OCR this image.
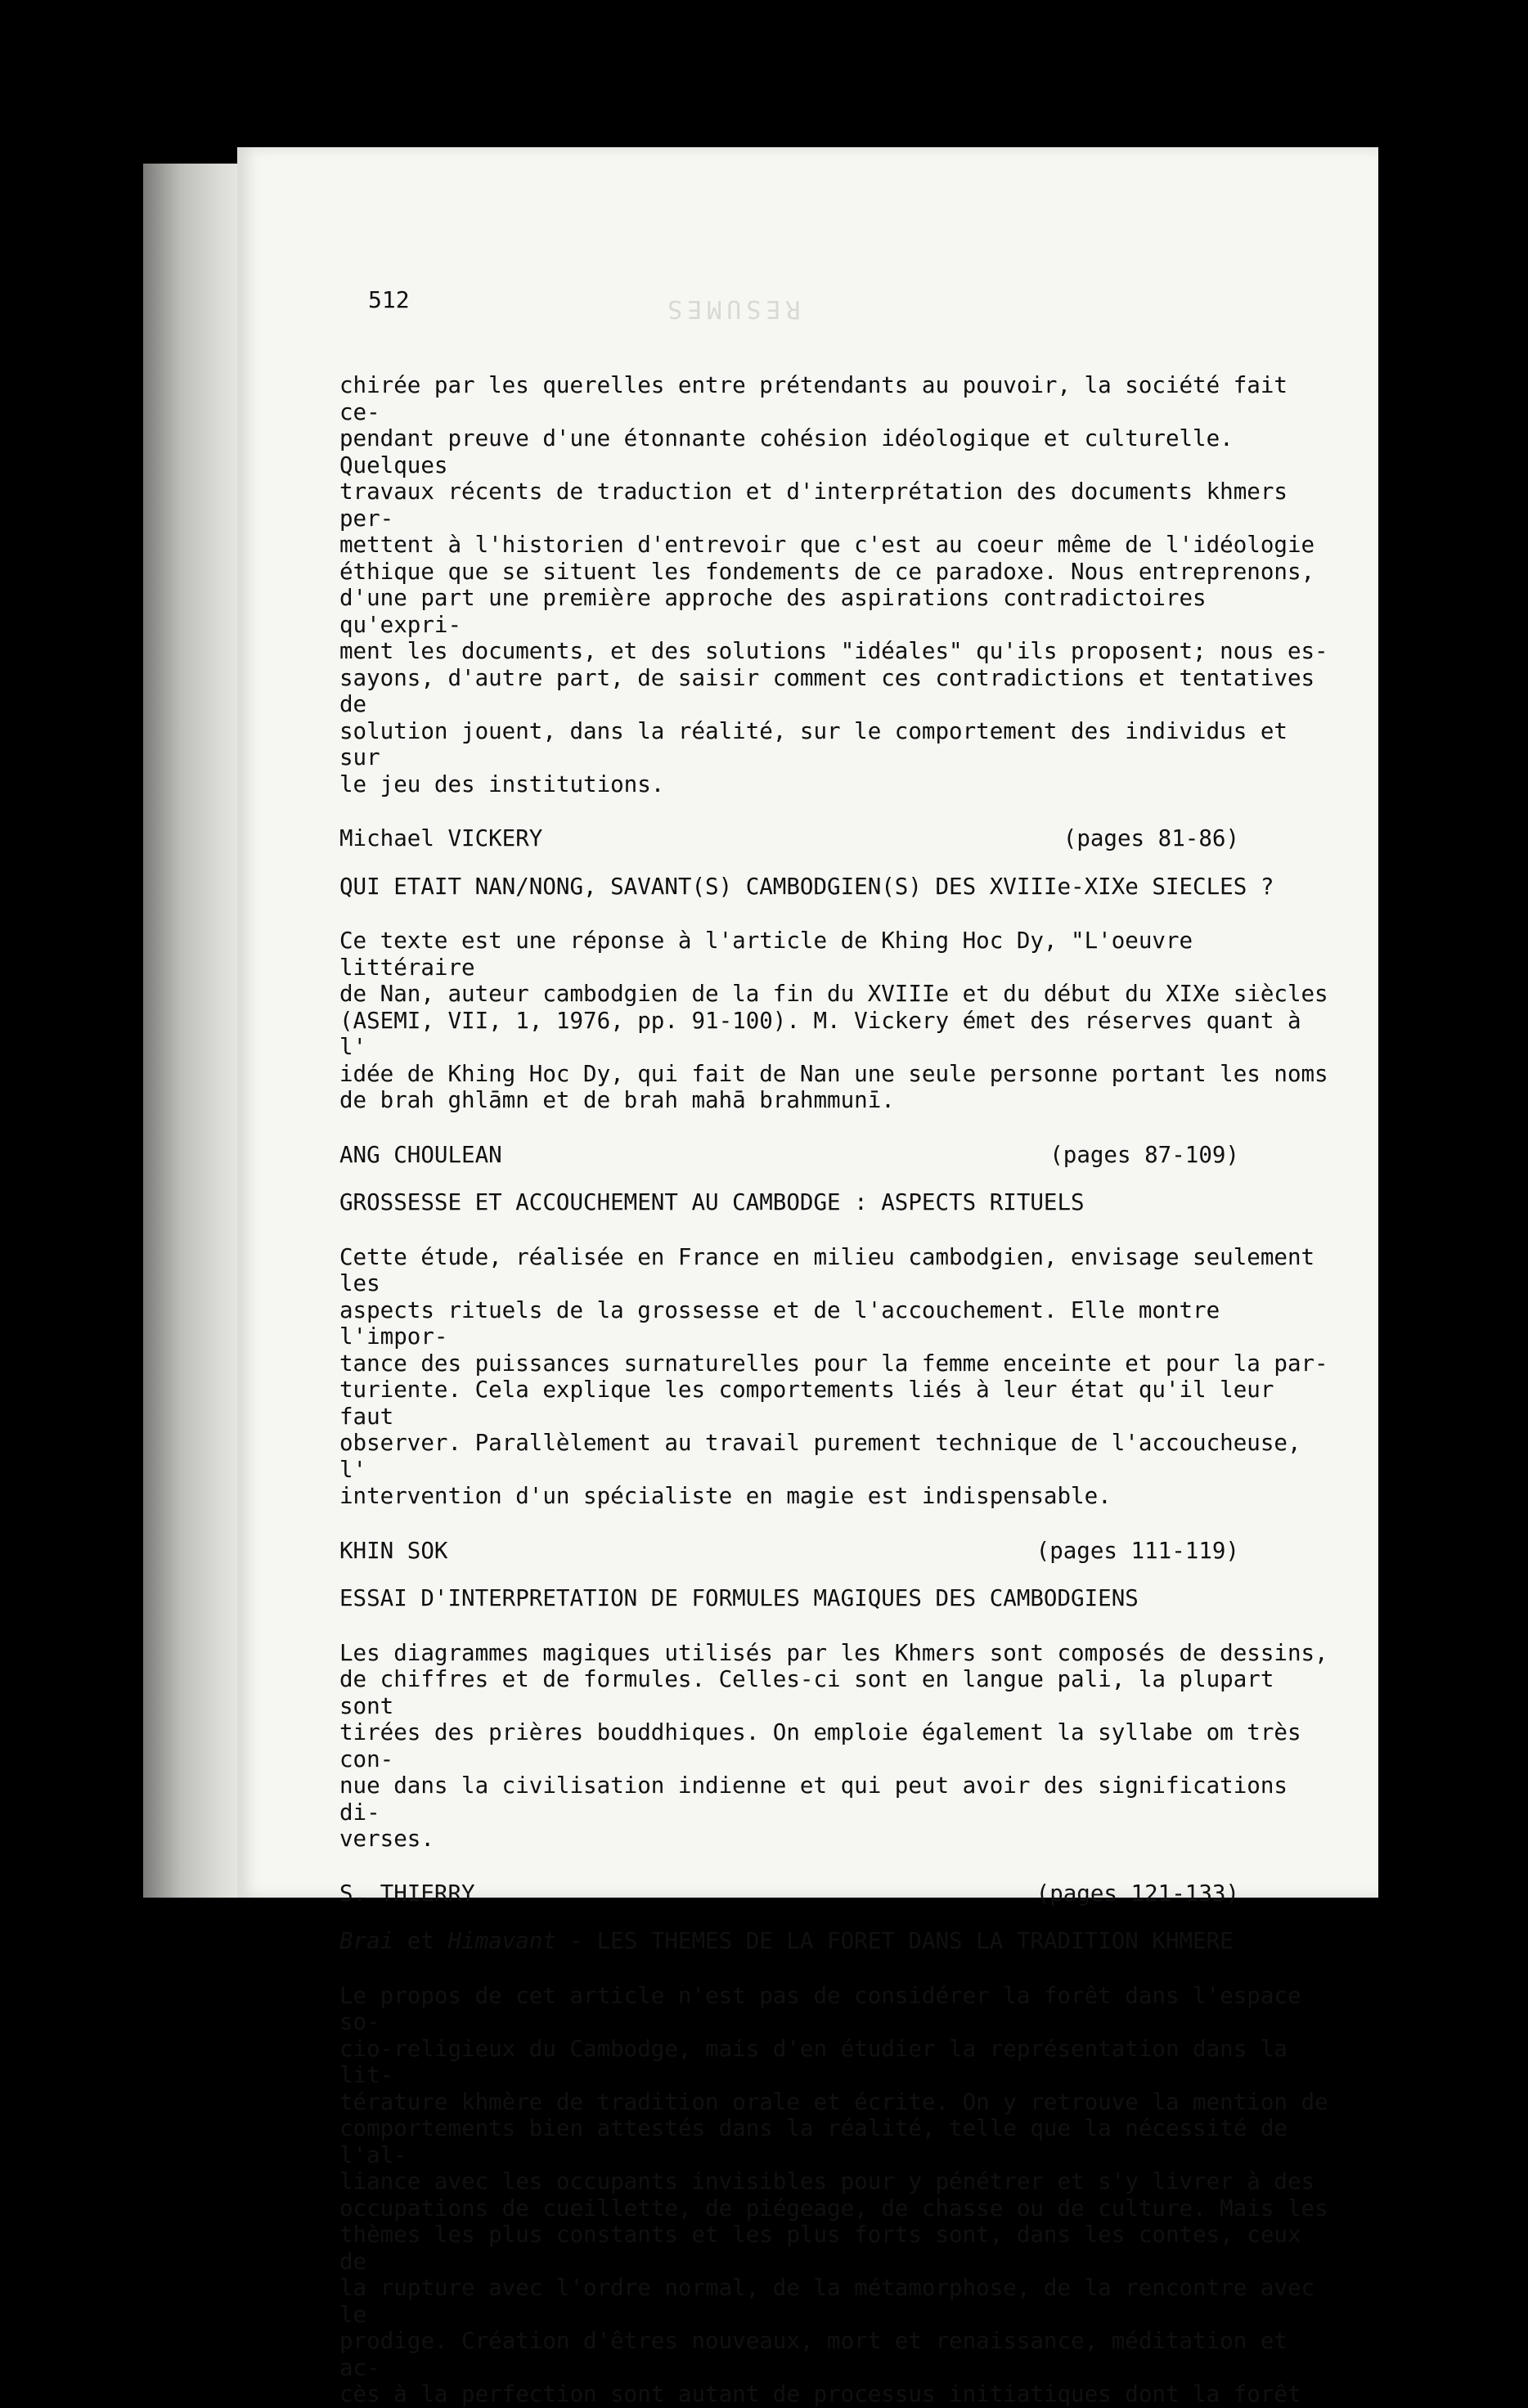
RESUMES
512

chirée par les querelles entre prétendants au pouvoir, la société fait ce-
pendant preuve d'une étonnante cohésion idéologique et culturelle. Quelques
travaux récents de traduction et d'interprétation des documents khmers per-
mettent à l'historien d'entrevoir que c'est au coeur même de l'idéologie
éthique que se situent les fondements de ce paradoxe. Nous entreprenons,
d'une part une première approche des aspirations contradictoires qu'expri-
ment les documents, et des solutions "idéales" qu'ils proposent; nous es-
sayons, d'autre part, de saisir comment ces contradictions et tentatives de
solution jouent, dans la réalité, sur le comportement des individus et sur
le jeu des institutions.

Michael VICKERY	(pages 81-86)
QUI ETAIT NAN/NONG, SAVANT(S) CAMBODGIEN(S) DES XVIIIe-XIXe SIECLES ?

Ce texte est une réponse à l'article de Khing Hoc Dy, "L'oeuvre littéraire
de Nan, auteur cambodgien de la fin du XVIIIe et du début du XIXe siècles
(ASEMI, VII, 1, 1976, pp. 91-100). M. Vickery émet des réserves quant à l'
idée de Khing Hoc Dy, qui fait de Nan une seule personne portant les noms
de brah ghlāmn et de brah mahā brahmmunī.

ANG CHOULEAN	(pages 87-109)
GROSSESSE ET ACCOUCHEMENT AU CAMBODGE : ASPECTS RITUELS

Cette étude, réalisée en France en milieu cambodgien, envisage seulement les
aspects rituels de la grossesse et de l'accouchement. Elle montre l'impor-
tance des puissances surnaturelles pour la femme enceinte et pour la par-
turiente. Cela explique les comportements liés à leur état qu'il leur faut
observer. Parallèlement au travail purement technique de l'accoucheuse, l'
intervention d'un spécialiste en magie est indispensable.

KHIN SOK	(pages 111-119)
ESSAI D'INTERPRETATION DE FORMULES MAGIQUES DES CAMBODGIENS

Les diagrammes magiques utilisés par les Khmers sont composés de dessins,
de chiffres et de formules. Celles-ci sont en langue pali, la plupart sont
tirées des prières bouddhiques. On emploie également la syllabe om très con-
nue dans la civilisation indienne et qui peut avoir des significations di-
verses.

S. THIERRY	(pages 121-133)
Brai et Himavant - LES THEMES DE LA FORET DANS LA TRADITION KHMERE

Le propos de cet article n'est pas de considérer la forêt dans l'espace so-
cio-religieux du Cambodge, mais d'en étudier la représentation dans la lit-
térature khmère de tradition orale et écrite. On y retrouve la mention de
comportements bien attestés dans la réalité, telle que la nécessité de l'al-
liance avec les occupants invisibles pour y pénétrer et s'y livrer à des
occupations de cueillette, de piégeage, de chasse ou de culture. Mais les
thèmes les plus constants et les plus forts sont, dans les contes, ceux de
la rupture avec l'ordre normal, de la métamorphose, de la rencontre avec le
prodige. Création d'êtres nouveaux, mort et renaissance, méditation et ac-
cès à la perfection sont autant de processus initiatiques dont la forêt
